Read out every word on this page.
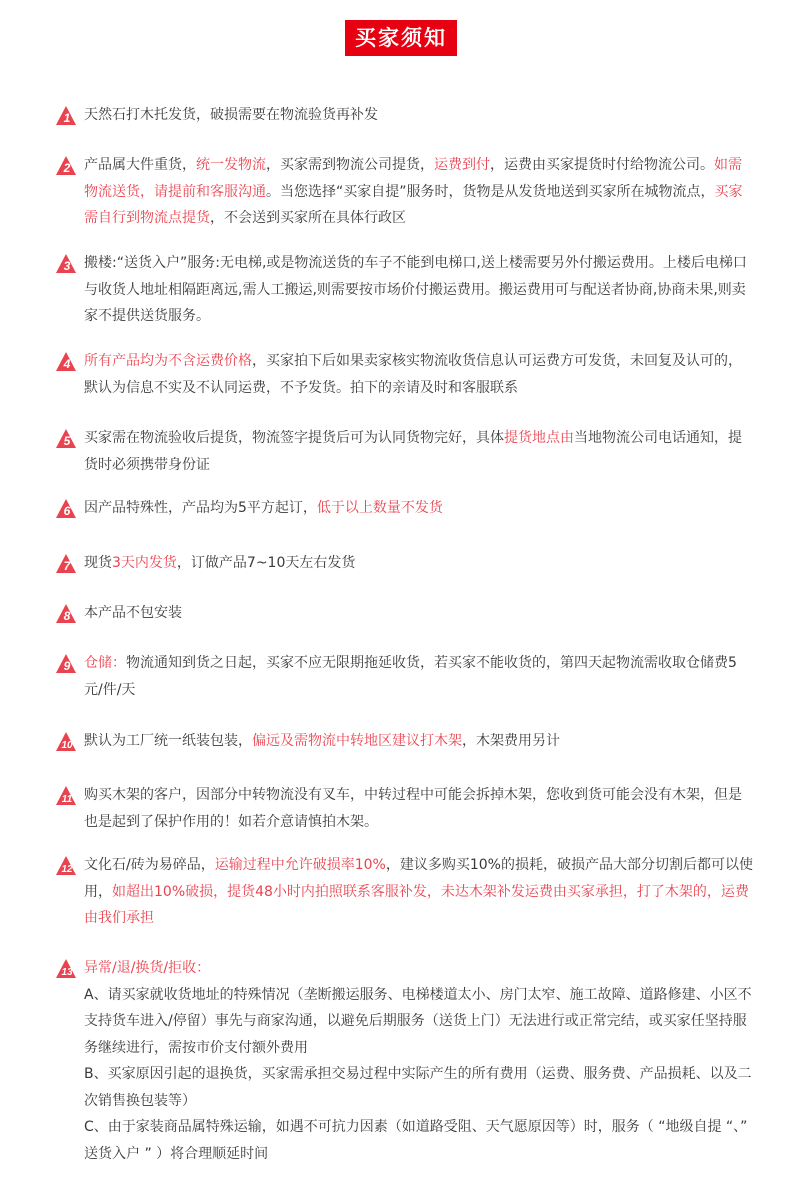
买家须知
1 天然石打木托发货，破损需要在物流验货再补发
2 产品属大件重货，统一发物流，买家需到物流公司提货，运费到付，运费由买家提货时付给物流公司。如需物流送货，请提前和客服沟通。当您选择“买家自提”服务时，货物是从发货地送到买家所在城物流点，买家需自行到物流点提货，不会送到买家所在具体行政区
3 搬楼:“送货入户”服务:无电梯,或是物流送货的车子不能到电梯口,送上楼需要另外付搬运费用。上楼后电梯口与收货人地址相隔距离远,需人工搬运,则需要按市场价付搬运费用。搬运费用可与配送者协商,协商未果,则卖家不提供送货服务。
4 所有产品均为不含运费价格，买家拍下后如果卖家核实物流收货信息认可运费方可发货，未回复及认可的，默认为信息不实及不认同运费，不予发货。拍下的亲请及时和客服联系
5 买家需在物流验收后提货，物流签字提货后可为认同货物完好，具体提货地点由当地物流公司电话通知，提货时必须携带身份证
6 因产品特殊性，产品均为5平方起订，低于以上数量不发货
7 现货3天内发货，订做产品7~10天左右发货
8 本产品不包安装
9 仓储：物流通知到货之日起，买家不应无限期拖延收货，若买家不能收货的，第四天起物流需收取仓储费5元/件/天
10 默认为工厂统一纸装包装，偏远及需物流中转地区建议打木架，木架费用另计
11 购买木架的客户，因部分中转物流没有叉车，中转过程中可能会拆掉木架，您收到货可能会没有木架，但是也是起到了保护作用的！如若介意请慎拍木架。
12 文化石/砖为易碎品，运输过程中允许破损率10%，建议多购买10%的损耗，破损产品大部分切割后都可以使用，如超出10%破损，提货48小时内拍照联系客服补发，未达木架补发运费由买家承担，打了木架的，运费由我们承担
13 异常/退/换货/拒收：
A、请买家就收货地址的特殊情况（垄断搬运服务、电梯楼道太小、房门太窄、施工故障、道路修建、小区不支持货车进入/停留）事先与商家沟通，以避免后期服务（送货上门）无法进行或正常完结，或买家任坚持服务继续进行，需按市价支付额外费用
B、买家原因引起的退换货，买家需承担交易过程中实际产生的所有费用（运费、服务费、产品损耗、以及二次销售换包装等）
C、由于家装商品属特殊运输，如遇不可抗力因素（如道路受阻、天气愿原因等）时，服务（ “地级自提 “、” 送货入户 ” ）将合理顺延时间
